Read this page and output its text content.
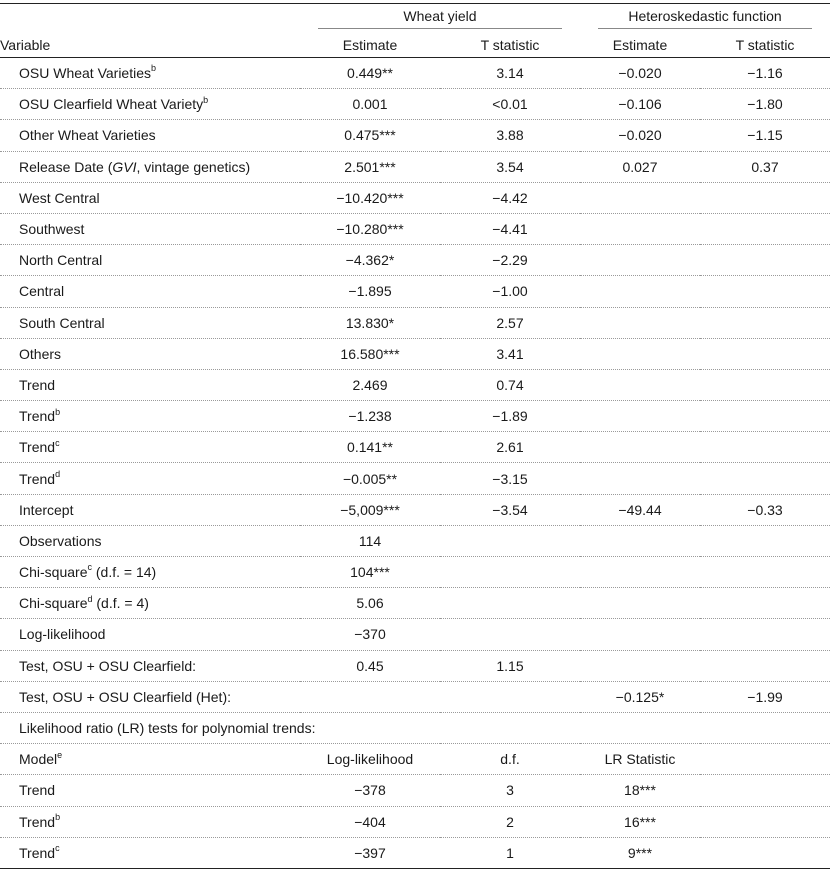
	Wheat yield		Heteroskedastic function	

Variable	Estimate	T statistic	Estimate	T statistic

OSU Wheat Varieties$^b$	0.449**	3.14	−0.020	−1.16
OSU Clearfield Wheat Variety$^b$	0.001	<0.01	−0.106	−1.80
Other Wheat Varieties	0.475***	3.88	−0.020	−1.15
Release Date (GVI, vintage genetics)	2.501***	3.54	0.027	0.37
West Central	−10.420***	−4.42		
Southwest	−10.280***	−4.41		
North Central	−4.362*	−2.29		
Central	−1.895	−1.00		
South Central	13.830*	2.57		
Others	16.580***	3.41		
Trend	2.469	0.74		
Trend$^b$	−1.238	−1.89		
Trend$^c$	0.141**	2.61		
Trend$^d$	−0.005**	−3.15		
Intercept	−5,009***	−3.54	−49.44	−0.33
Observations	114			
Chi-square$^c$ (d.f. = 14)	104***			
Chi-square$^d$ (d.f. = 4)	5.06			
Log-likelihood	−370			
Test, OSU + OSU Clearfield:	0.45	1.15		
Test, OSU + OSU Clearfield (Het):			−0.125*	−1.99
Likelihood ratio (LR) tests for polynomial trends:				
Model$^e$	Log-likelihood	d.f.	LR Statistic	
Trend	−378	3	18***	
Trend$^b$	−404	2	16***	
Trend$^c$	−397	1	9***	
